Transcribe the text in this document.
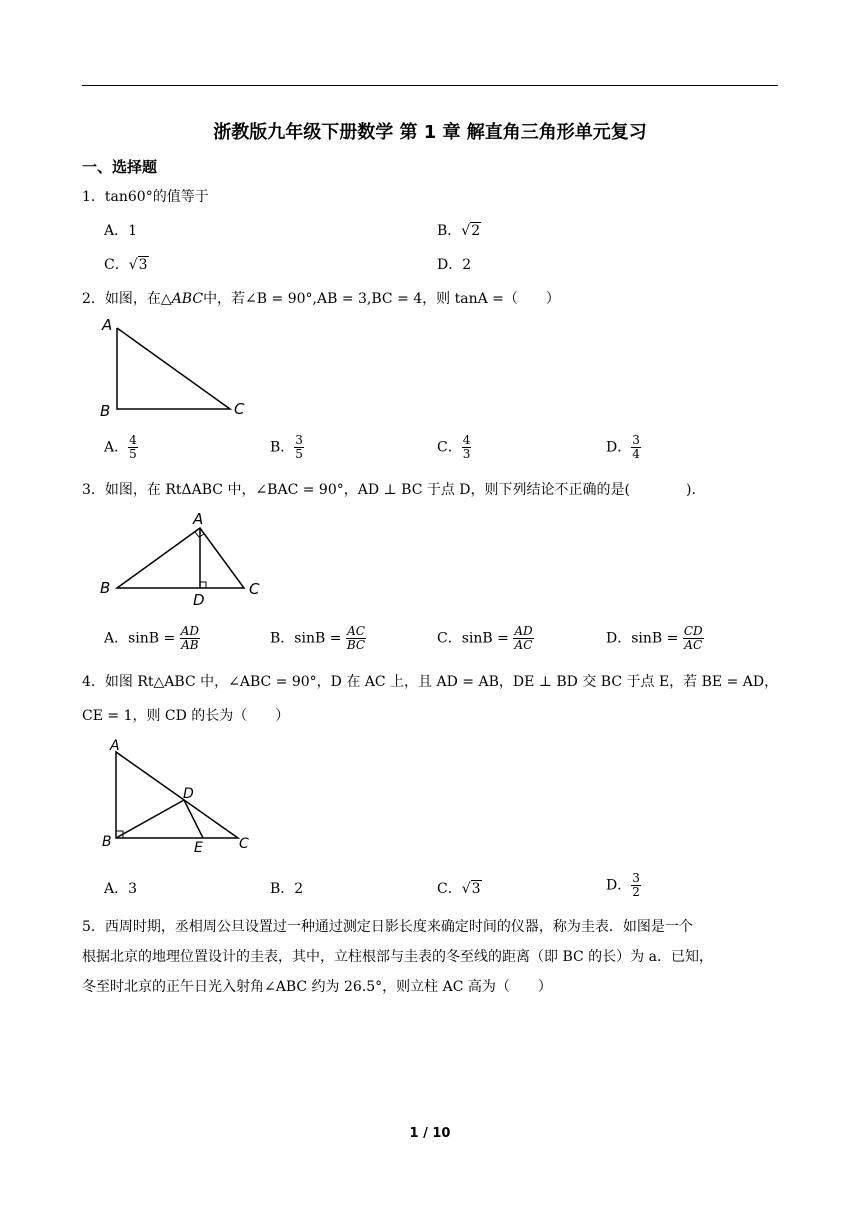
浙教版九年级下册数学 第 1 章 解直角三角形单元复习
一、选择题
1．tan60°的值等于
A．1	B．√2
C．√3	D．2
2．如图，在△ABC中，若∠B = 90°,AB = 3,BC = 4，则 tanA =（　　）
A
B	C
A． $\frac{4}{5}$	B． $\frac{3}{5}$	C． $\frac{4}{3}$	D． $\frac{3}{4}$
3．如图，在 RtΔABC 中，∠BAC = 90°，AD ⊥ BC 于点 D，则下列结论不正确的是(　　　　).
A
B	C
D
A．$\sin B = \frac{AD}{AB}$	B．$\sin B = \frac{AC}{BC}$	C．$\sin B = \frac{AD}{AC}$	D．$\sin B = \frac{CD}{AC}$
4．如图 Rt△ABC 中，∠ABC = 90°，D 在 AC 上，且 AD = AB，DE ⊥ BD 交 BC 于点 E，若 BE = AD，
CE = 1，则 CD 的长为（　　）
A
B	C
D
E
A．3	B．2	C．√3	D． $\frac{3}{2}$
5．西周时期，丞相周公旦设置过一种通过测定日影长度来确定时间的仪器，称为圭表．如图是一个
根据北京的地理位置设计的圭表，其中，立柱根部与圭表的冬至线的距离（即 BC 的长）为 a．已知，
冬至时北京的正午日光入射角∠ABC 约为 26.5°，则立柱 AC 高为（　　）
1 / 10
